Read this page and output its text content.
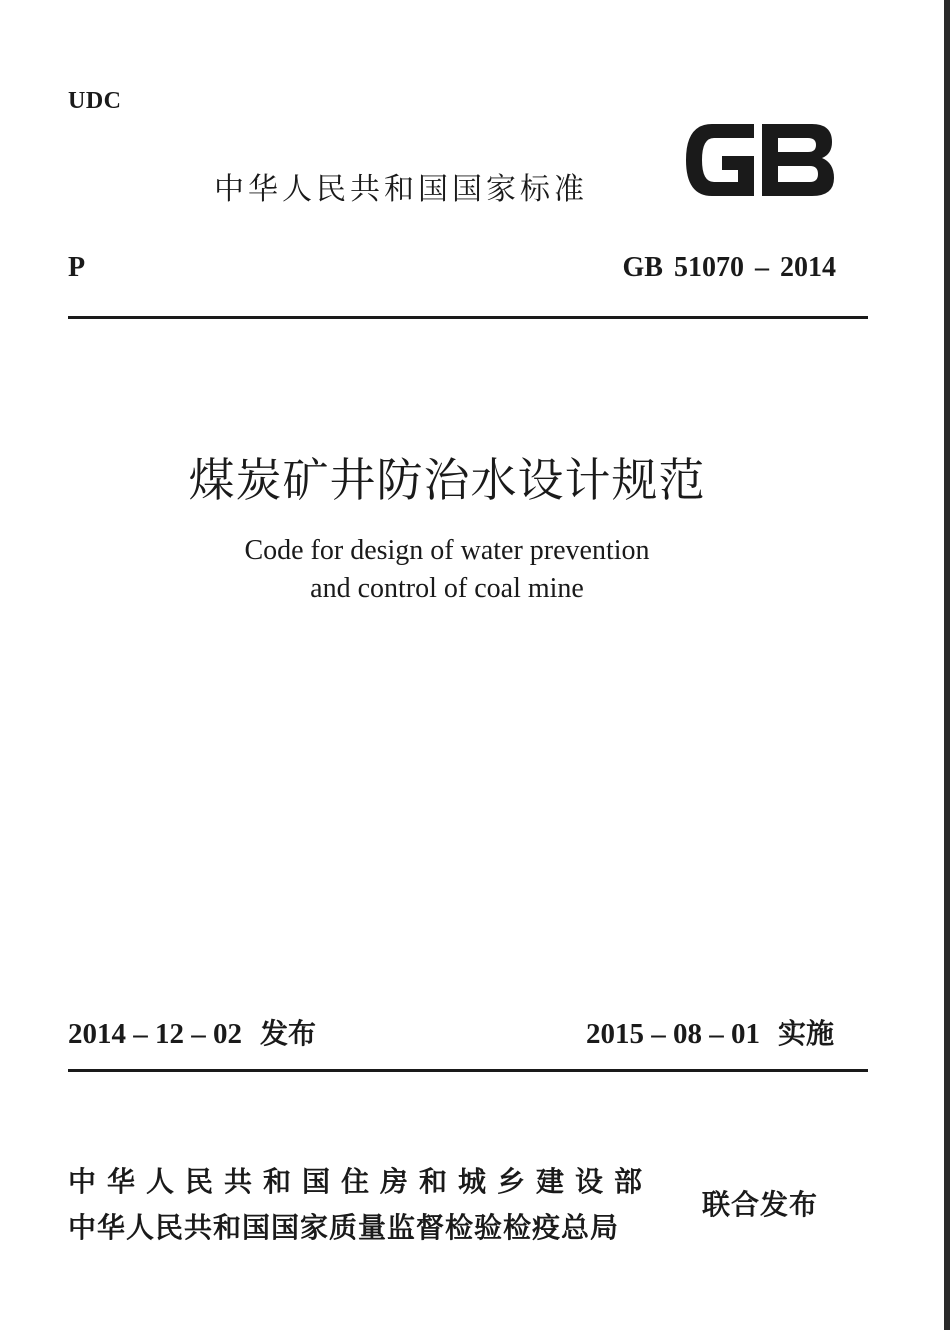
UDC
中华人民共和国国家标准
GB
P	GB 51070 – 2014
煤炭矿井防治水设计规范
Code for design of water prevention
and control of coal mine
2014 – 12 – 02 发布	2015 – 08 – 01 实施
中华人民共和国住房和城乡建设部
中华人民共和国国家质量监督检验检疫总局
联合发布
